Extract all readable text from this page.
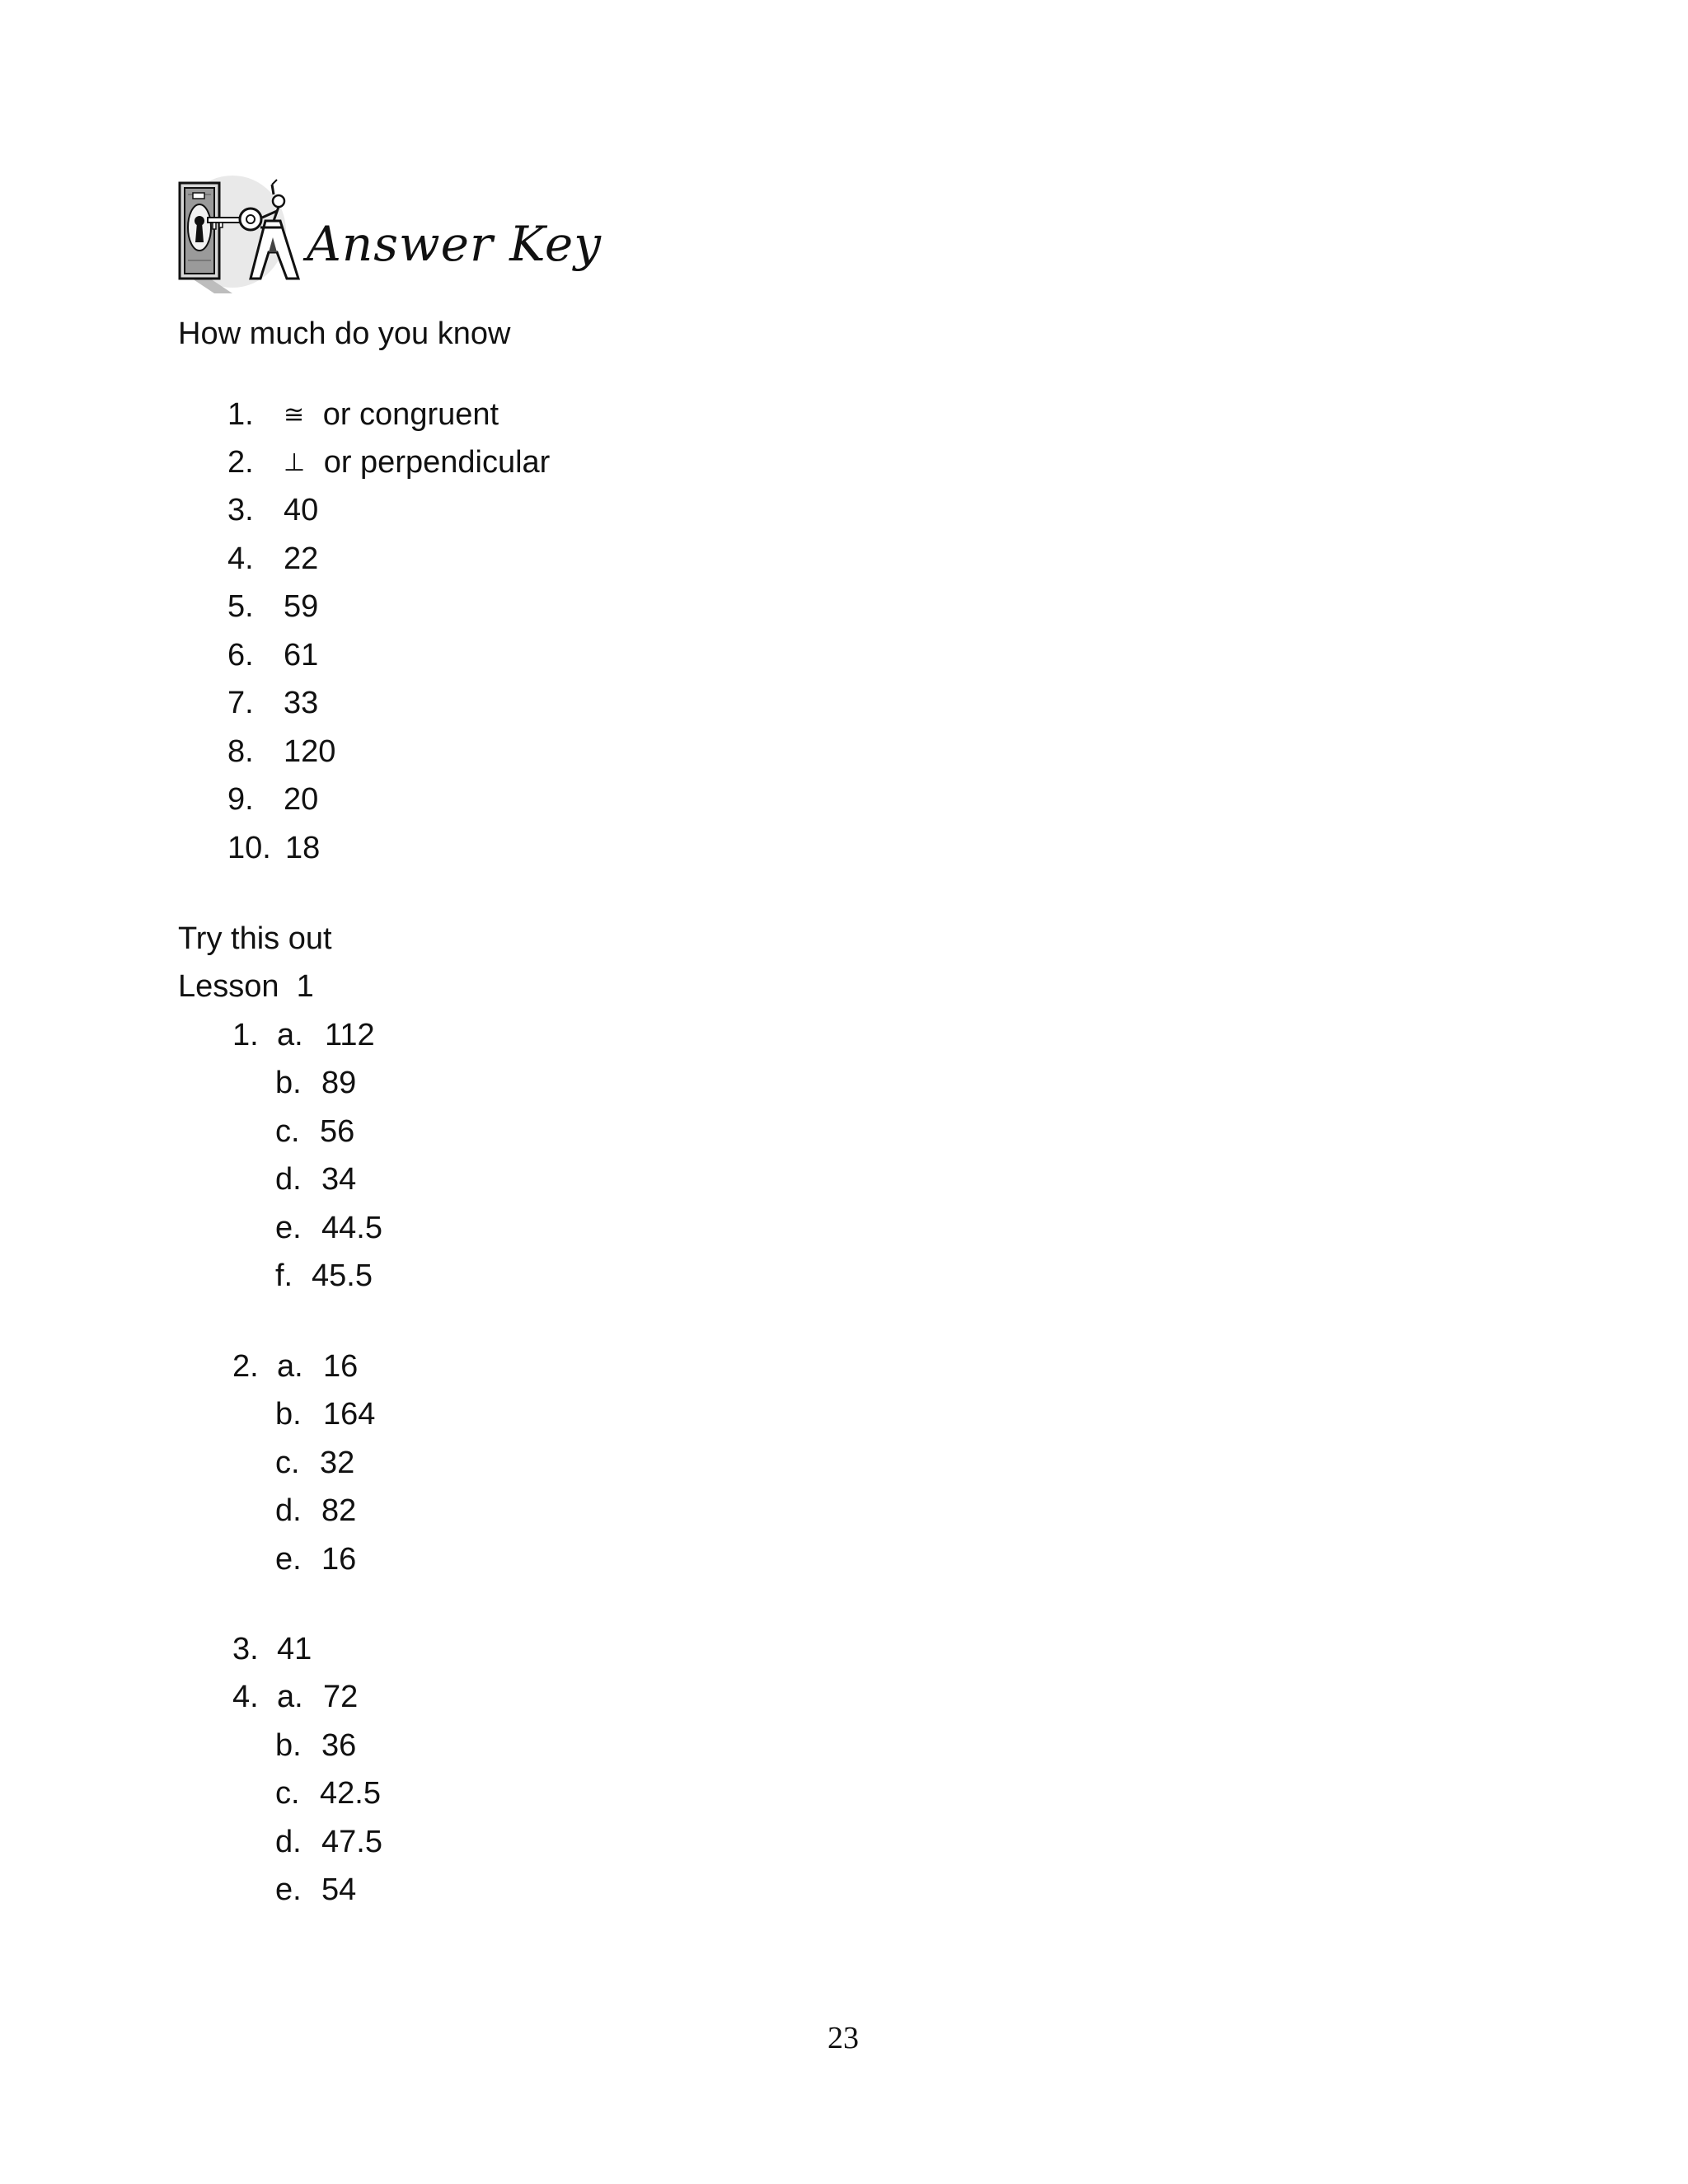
Answer Key
How much do you know
1. ≅ or congruent
2. ⊥ or perpendicular
3. 40
4. 22
5. 59
6. 61
7. 33
8. 120
9. 20
10. 18
Try this out
Lesson  1
1. a. 112
b. 89
c. 56
d. 34
e. 44.5
f. 45.5
2. a. 16
b. 164
c. 32
d. 82
e. 16
3. 41
4. a. 72
b. 36
c. 42.5
d. 47.5
e. 54
23
